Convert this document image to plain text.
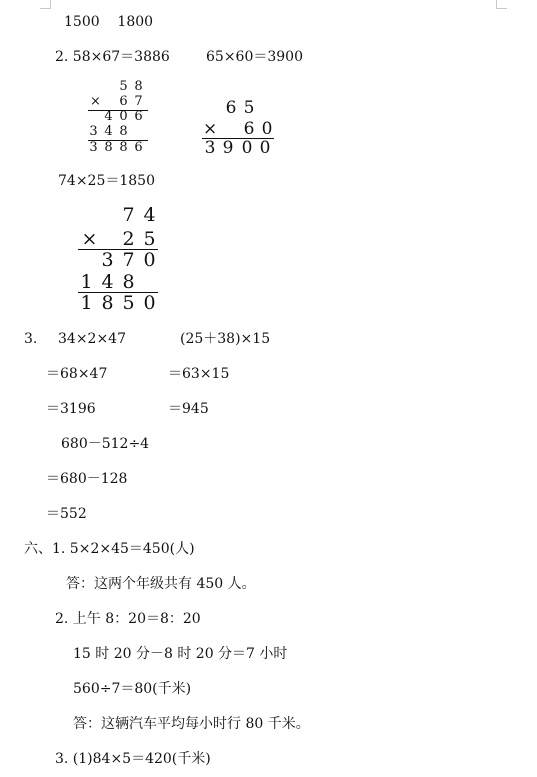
1500    1800
2. 58×67＝3886	65×60＝3900
5 8
× 6 7
4 0 6
3 4 8
3 8 8 6
6 5
× 6 0
3 9 0 0
74×25＝1850
7 4
× 2 5
3 7 0
1 4 8
1 8 5 0
3. 34×2×47	(25＋38)×15
＝68×47	＝63×15
＝3196	＝945
680－512÷4
＝680－128
＝552
六、1. 5×2×45＝450(人)
答：这两个年级共有 450 人。
2. 上午 8：20＝8：20
15 时 20 分－8 时 20 分＝7 小时
560÷7＝80(千米)
答：这辆汽车平均每小时行 80 千米。
3. (1)84×5＝420(千米)
